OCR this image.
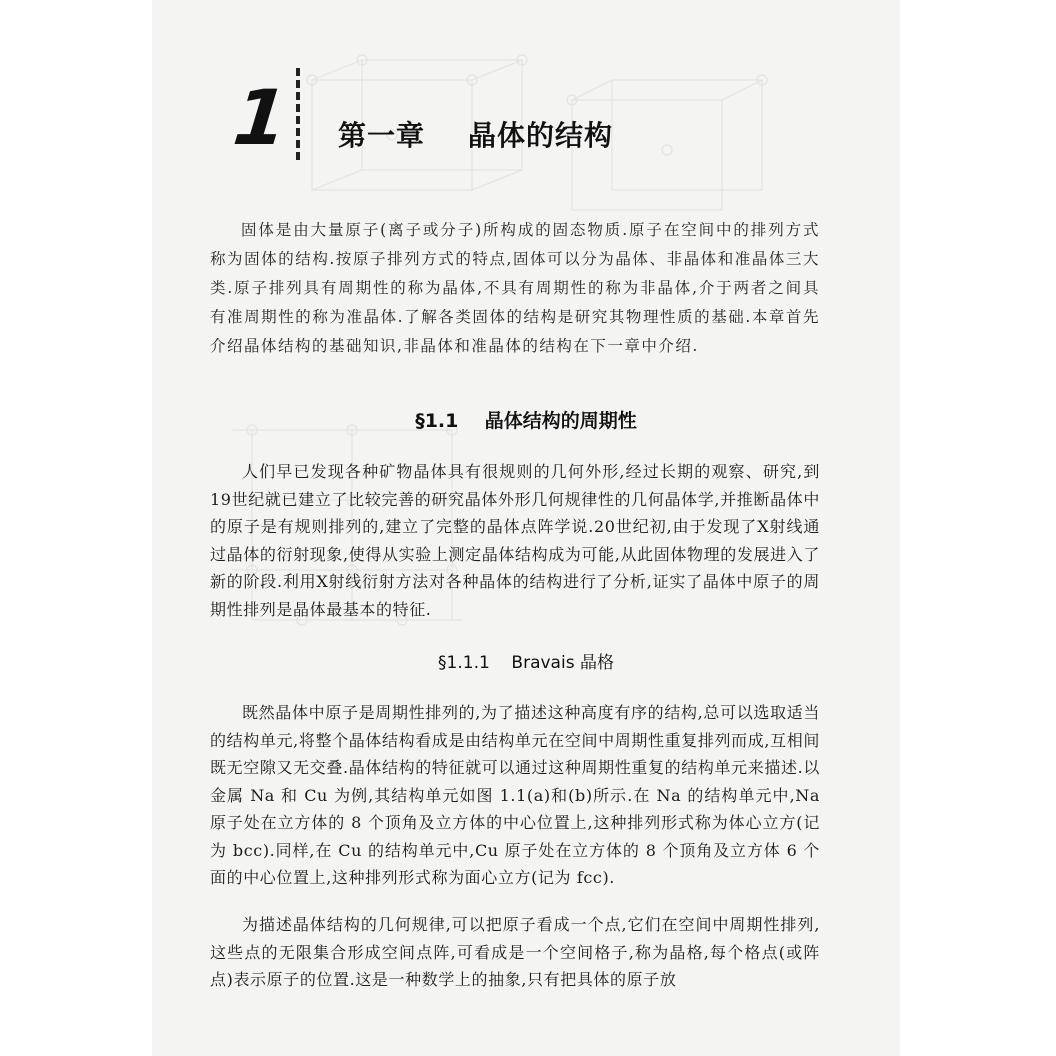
1 第一章    晶体的结构

固体是由大量原子(离子或分子)所构成的固态物质.原子在空间中的排列方式称为固体的结构.按原子排列方式的特点,固体可以分为晶体、非晶体和准晶体三大类.原子排列具有周期性的称为晶体,不具有周期性的称为非晶体,介于两者之间具有准周期性的称为准晶体.了解各类固体的结构是研究其物理性质的基础.本章首先介绍晶体结构的基础知识,非晶体和准晶体的结构在下一章中介绍.

§1.1    晶体结构的周期性

人们早已发现各种矿物晶体具有很规则的几何外形,经过长期的观察、研究,到19世纪就已建立了比较完善的研究晶体外形几何规律性的几何晶体学,并推断晶体中的原子是有规则排列的,建立了完整的晶体点阵学说.20世纪初,由于发现了X射线通过晶体的衍射现象,使得从实验上测定晶体结构成为可能,从此固体物理的发展进入了新的阶段.利用X射线衍射方法对各种晶体的结构进行了分析,证实了晶体中原子的周期性排列是晶体最基本的特征.

§1.1.1    Bravais 晶格

既然晶体中原子是周期性排列的,为了描述这种高度有序的结构,总可以选取适当的结构单元,将整个晶体结构看成是由结构单元在空间中周期性重复排列而成,互相间既无空隙又无交叠.晶体结构的特征就可以通过这种周期性重复的结构单元来描述.以金属 Na 和 Cu 为例,其结构单元如图 1.1(a)和(b)所示.在 Na 的结构单元中,Na 原子处在立方体的 8 个顶角及立方体的中心位置上,这种排列形式称为体心立方(记为 bcc).同样,在 Cu 的结构单元中,Cu 原子处在立方体的 8 个顶角及立方体 6 个面的中心位置上,这种排列形式称为面心立方(记为 fcc).

为描述晶体结构的几何规律,可以把原子看成一个点,它们在空间中周期性排列,这些点的无限集合形成空间点阵,可看成是一个空间格子,称为晶格,每个格点(或阵点)表示原子的位置.这是一种数学上的抽象,只有把具体的原子放
